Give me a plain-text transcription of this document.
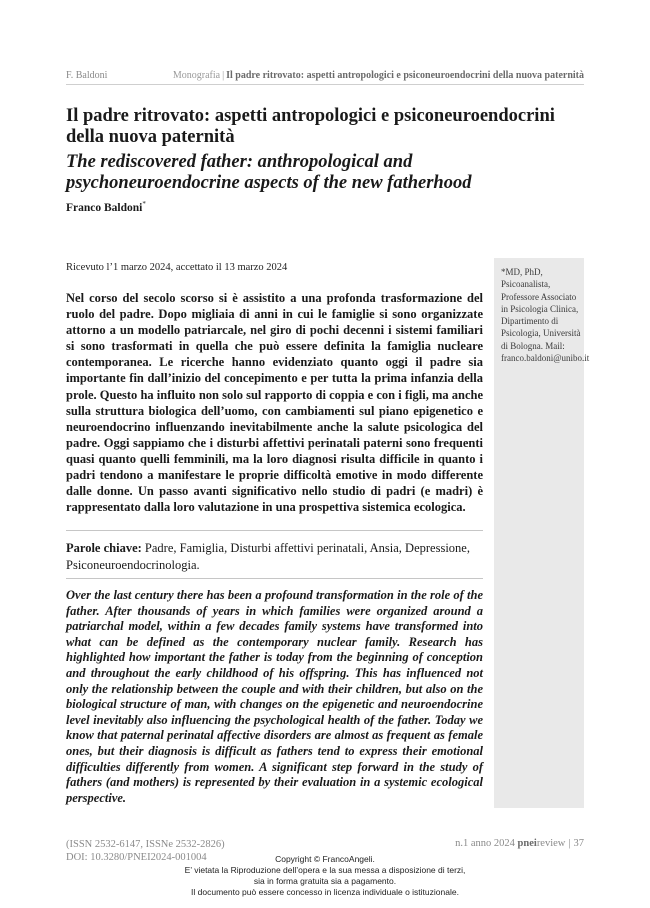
F. Baldoni	Monografia | Il padre ritrovato: aspetti antropologici e psiconeuroendocrini della nuova paternità
Il padre ritrovato: aspetti antropologici e psiconeuroendocrini della nuova paternità
The rediscovered father: anthropological and psychoneuroendocrine aspects of the new fatherhood
Franco Baldoni*
Ricevuto l’1 marzo 2024, accettato il 13 marzo 2024	*MD, PhD, Psicoanalista, Professore Associato in Psicologia Clinica, Dipartimento di Psicologia, Università di Bologna. Mail: franco.baldoni@unibo.it
Nel corso del secolo scorso si è assistito a una profonda trasformazione del ruolo del padre. Dopo migliaia di anni in cui le famiglie si sono organizzate attorno a un modello patriarcale, nel giro di pochi decenni i sistemi familiari si sono trasformati in quella che può essere definita la famiglia nucleare contemporanea. Le ricerche hanno evidenziato quanto oggi il padre sia importante fin dall’inizio del concepimento e per tutta la prima infanzia della prole. Questo ha influito non solo sul rapporto di coppia e con i figli, ma anche sulla struttura biologica dell’uomo, con cambiamenti sul piano epigenetico e neuroendocrino influenzando inevitabilmente anche la salute psicologica del padre. Oggi sappiamo che i disturbi affettivi perinatali paterni sono frequenti quasi quanto quelli femminili, ma la loro diagnosi risulta difficile in quanto i padri tendono a manifestare le proprie difficoltà emotive in modo differente dalle donne. Un passo avanti significativo nello studio di padri (e madri) è rappresentato dalla loro valutazione in una prospettiva sistemica ecologica.
Parole chiave: Padre, Famiglia, Disturbi affettivi perinatali, Ansia, Depressione, Psiconeuroendocrinologia.
Over the last century there has been a profound transformation in the role of the father. After thousands of years in which families were organized around a patriarchal model, within a few decades family systems have transformed into what can be defined as the contemporary nuclear family. Research has highlighted how important the father is today from the beginning of conception and throughout the early childhood of his offspring. This has influenced not only the relationship between the couple and with their children, but also on the biological structure of man, with changes on the epigenetic and neuroendocrine level inevitably also influencing the psychological health of the father. Today we know that paternal perinatal affective disorders are almost as frequent as female ones, but their diagnosis is difficult as fathers tend to express their emotional difficulties differently from women. A significant step forward in the study of fathers (and mothers) is represented by their evaluation in a systemic ecological perspective.
(ISSN 2532-6147, ISSNe 2532-2826)
DOI: 10.3280/PNEI2024-001004
n.1 anno 2024 pneireview | 37
Copyright © FrancoAngeli.
E’ vietata la Riproduzione dell’opera e la sua messa a disposizione di terzi,
sia in forma gratuita sia a pagamento.
Il documento può essere concesso in licenza individuale o istituzionale.
